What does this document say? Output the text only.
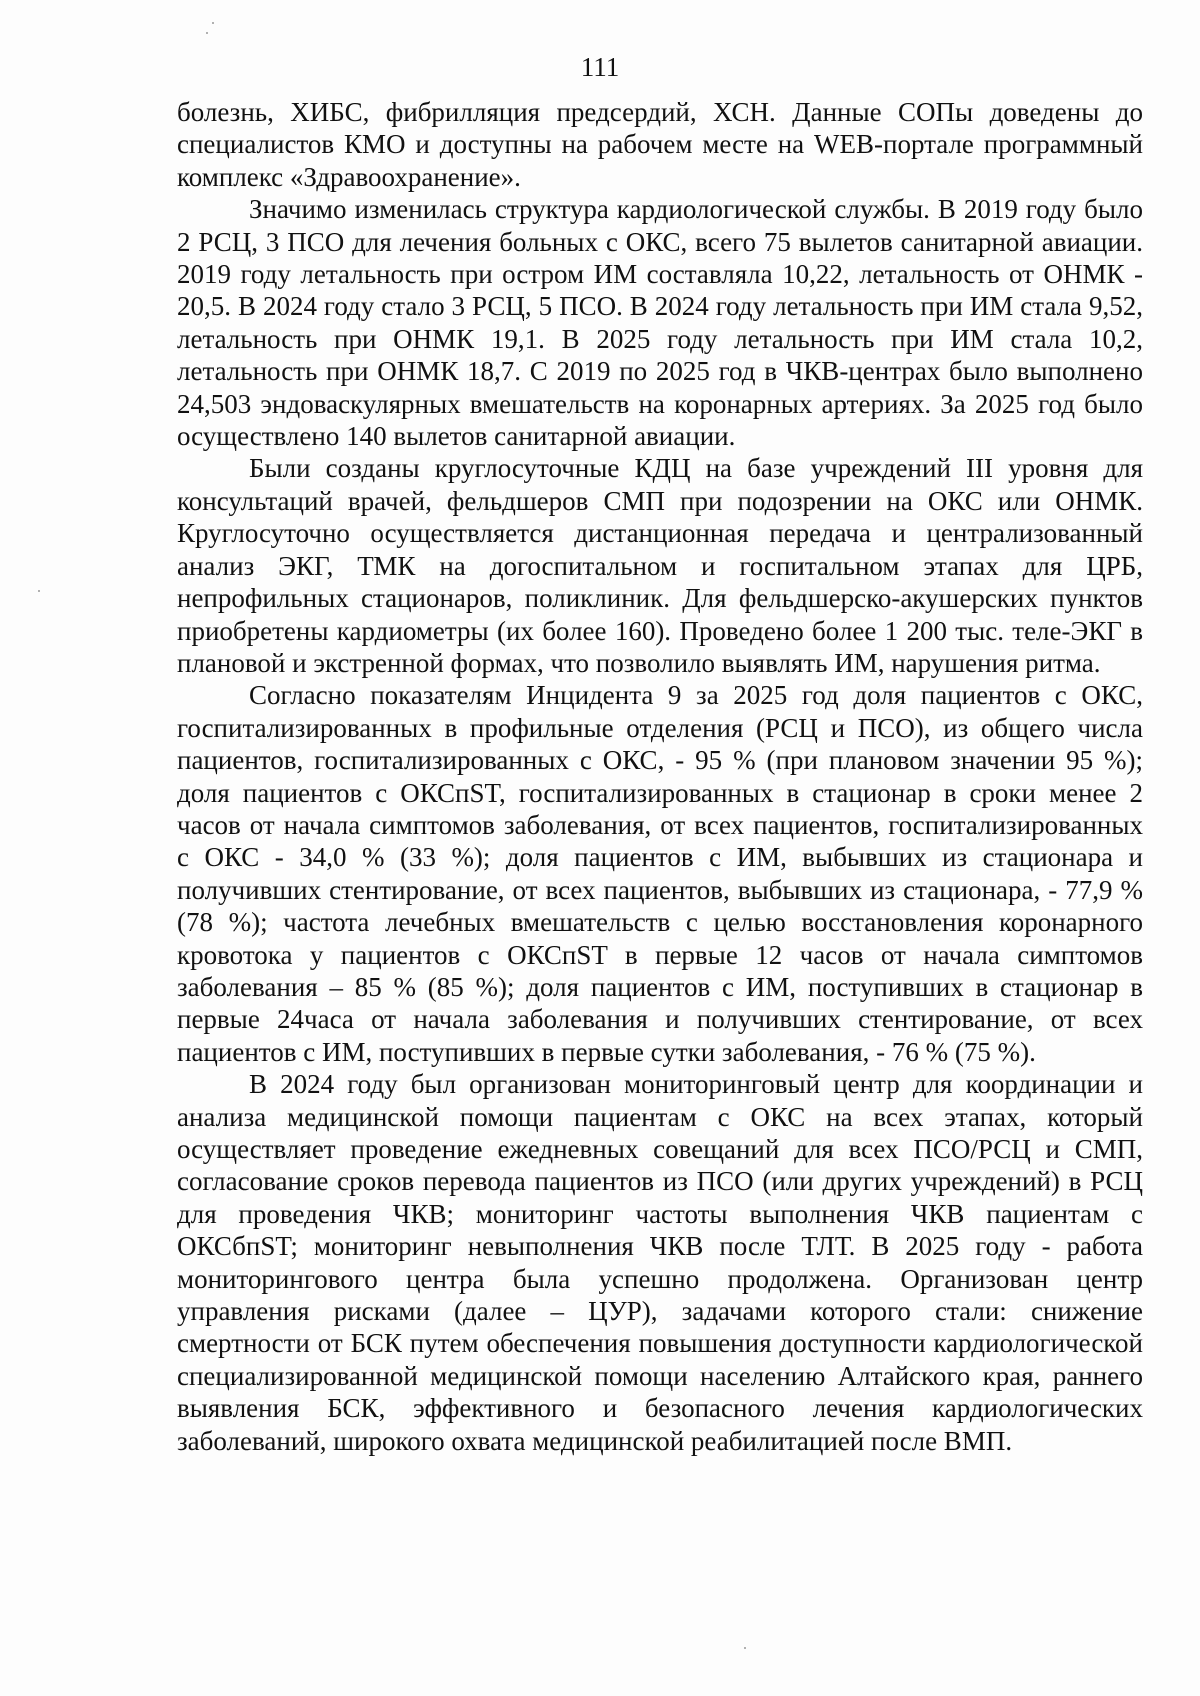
111

болезнь, ХИБС, фибрилляция предсердий, ХСН. Данные СОПы доведены до специалистов КМО и доступны на рабочем месте на WEB-портале программный комплекс «Здравоохранение».

Значимо изменилась структура кардиологической службы. В 2019 году было 2 РСЦ, 3 ПСО для лечения больных с ОКС, всего 75 вылетов санитарной авиации. 2019 году летальность при остром ИМ составляла 10,22, летальность от ОНМК - 20,5. В 2024 году стало 3 РСЦ, 5 ПСО. В 2024 году летальность при ИМ стала 9,52, летальность при ОНМК 19,1. В 2025 году летальность при ИМ стала 10,2, летальность при ОНМК 18,7. С 2019 по 2025 год в ЧКВ-центрах было выполнено 24,503 эндоваскулярных вмешательств на коронарных артериях. За 2025 год было осуществлено 140 вылетов санитарной авиации.

Были созданы круглосуточные КДЦ на базе учреждений III уровня для консультаций врачей, фельдшеров СМП при подозрении на ОКС или ОНМК. Круглосуточно осуществляется дистанционная передача и централизованный анализ ЭКГ, ТМК на догоспитальном и госпитальном этапах для ЦРБ, непрофильных стационаров, поликлиник. Для фельдшерско-акушерских пунктов приобретены кардиометры (их более 160). Проведено более 1 200 тыс. теле-ЭКГ в плановой и экстренной формах, что позволило выявлять ИМ, нарушения ритма.

Согласно показателям Инцидента 9 за 2025 год доля пациентов с ОКС, госпитализированных в профильные отделения (РСЦ и ПСО), из общего числа пациентов, госпитализированных с ОКС, - 95 % (при плановом значении 95 %); доля пациентов с ОКСпST, госпитализированных в стационар в сроки менее 2 часов от начала симптомов заболевания, от всех пациентов, госпитализированных с ОКС - 34,0 % (33 %); доля пациентов с ИМ, выбывших из стационара и получивших стентирование, от всех пациентов, выбывших из стационара, - 77,9 % (78 %); частота лечебных вмешательств с целью восстановления коронарного кровотока у пациентов с ОКСпST в первые 12 часов от начала симптомов заболевания – 85 % (85 %); доля пациентов с ИМ, поступивших в стационар в первые 24часа от начала заболевания и получивших стентирование, от всех пациентов с ИМ, поступивших в первые сутки заболевания, - 76 % (75 %).

В 2024 году был организован мониторинговый центр для координации и анализа медицинской помощи пациентам с ОКС на всех этапах, который осуществляет проведение ежедневных совещаний для всех ПСО/РСЦ и СМП, согласование сроков перевода пациентов из ПСО (или других учреждений) в РСЦ для проведения ЧКВ; мониторинг частоты выполнения ЧКВ пациентам с ОКСбпST; мониторинг невыполнения ЧКВ после ТЛТ. В 2025 году - работа мониторингового центра была успешно продолжена. Организован центр управления рисками (далее – ЦУР), задачами которого стали: снижение смертности от БСК путем обеспечения повышения доступности кардиологической специализированной медицинской помощи населению Алтайского края, раннего выявления БСК, эффективного и безопасного лечения кардиологических заболеваний, широкого охвата медицинской реабилитацией после ВМП.
